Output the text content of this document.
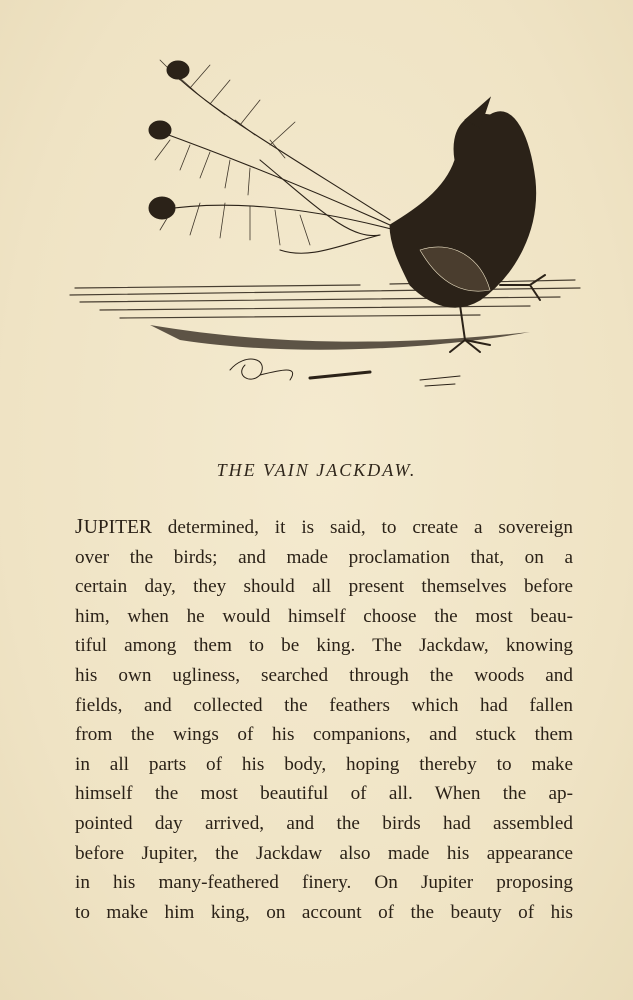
THE VAIN JACKDAW.
JUPITER determined, it is said, to create a sovereign
over the birds; and made proclamation that, on a
certain day, they should all present themselves before
him, when he would himself choose the most beau-
tiful among them to be king. The Jackdaw, knowing
his own ugliness, searched through the woods and
fields, and collected the feathers which had fallen
from the wings of his companions, and stuck them
in all parts of his body, hoping thereby to make
himself the most beautiful of all. When the ap-
pointed day arrived, and the birds had assembled
before Jupiter, the Jackdaw also made his appearance
in his many-feathered finery. On Jupiter proposing
to make him king, on account of the beauty of his
